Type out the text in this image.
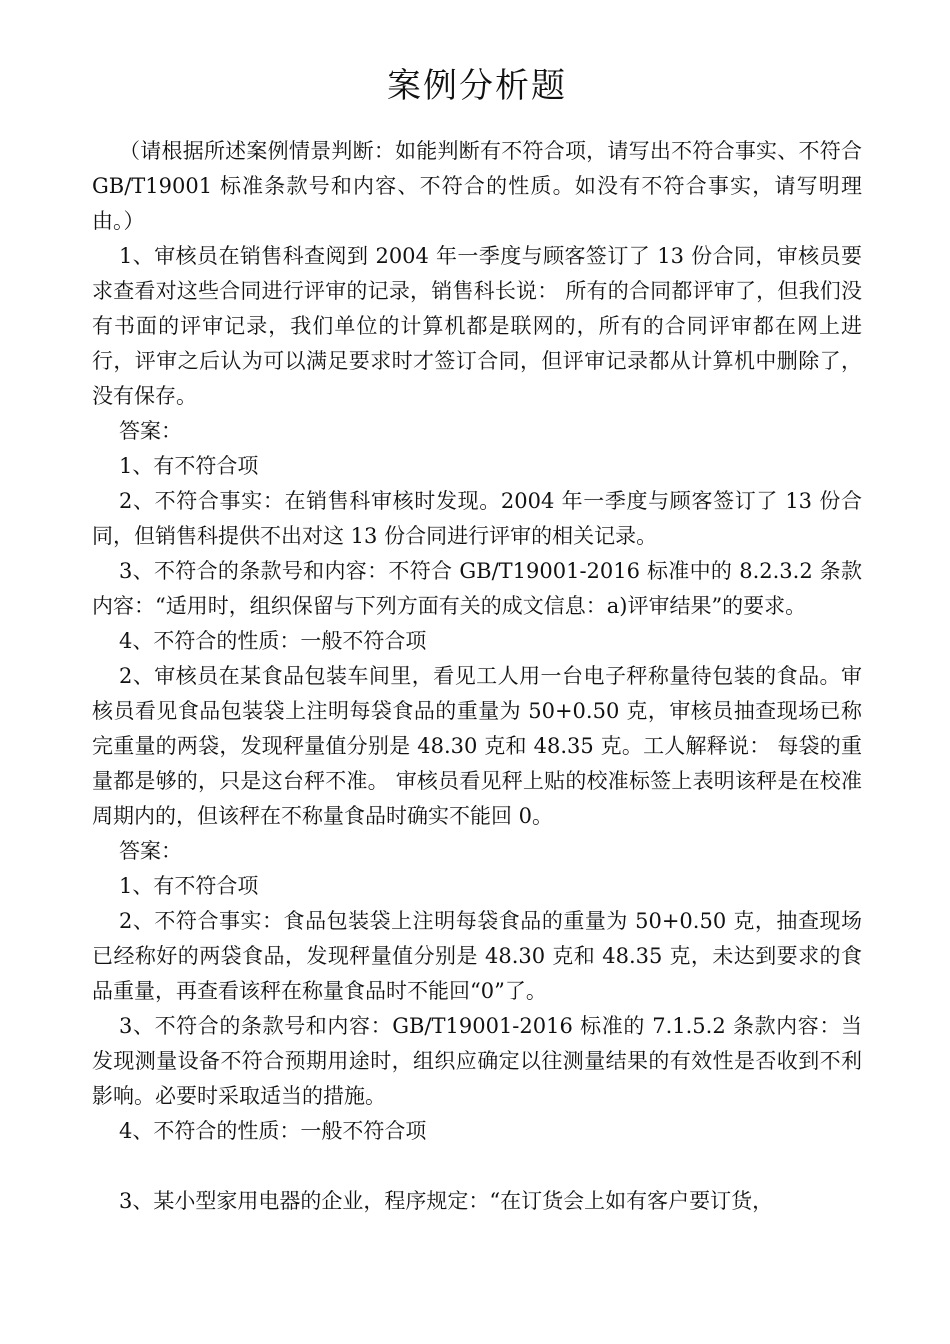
案例分析题

（请根据所述案例情景判断：如能判断有不符合项，请写出不符合事实、不符合 GB/T19001 标准条款号和内容、不符合的性质。如没有不符合事实，请写明理由。）

1、审核员在销售科查阅到 2004 年一季度与顾客签订了 13 份合同，审核员要求查看对这些合同进行评审的记录，销售科长说： 所有的合同都评审了，但我们没有书面的评审记录，我们单位的计算机都是联网的，所有的合同评审都在网上进行，评审之后认为可以满足要求时才签订合同，但评审记录都从计算机中删除了，没有保存。

答案：

1、有不符合项

2、不符合事实：在销售科审核时发现。2004 年一季度与顾客签订了 13 份合同，但销售科提供不出对这 13 份合同进行评审的相关记录。

3、不符合的条款号和内容：不符合 GB/T19001-2016 标准中的 8.2.3.2 条款内容：“适用时，组织保留与下列方面有关的成文信息：a)评审结果”的要求。

4、不符合的性质：一般不符合项

2、审核员在某食品包装车间里，看见工人用一台电子秤称量待包装的食品。审核员看见食品包装袋上注明每袋食品的重量为 50+0.50 克，审核员抽查现场已称完重量的两袋，发现秤量值分别是 48.30 克和 48.35 克。工人解释说： 每袋的重量都是够的，只是这台秤不准。 审核员看见秤上贴的校准标签上表明该秤是在校准周期内的，但该秤在不称量食品时确实不能回 0。

答案：

1、有不符合项

2、不符合事实：食品包装袋上注明每袋食品的重量为 50+0.50 克，抽查现场已经称好的两袋食品，发现秤量值分别是 48.30 克和 48.35 克，未达到要求的食品重量，再查看该秤在称量食品时不能回“0”了。

3、不符合的条款号和内容：GB/T19001-2016 标准的 7.1.5.2 条款内容：当发现测量设备不符合预期用途时，组织应确定以往测量结果的有效性是否收到不利影响。必要时采取适当的措施。

4、不符合的性质：一般不符合项

3、某小型家用电器的企业，程序规定：“在订货会上如有客户要订货，
